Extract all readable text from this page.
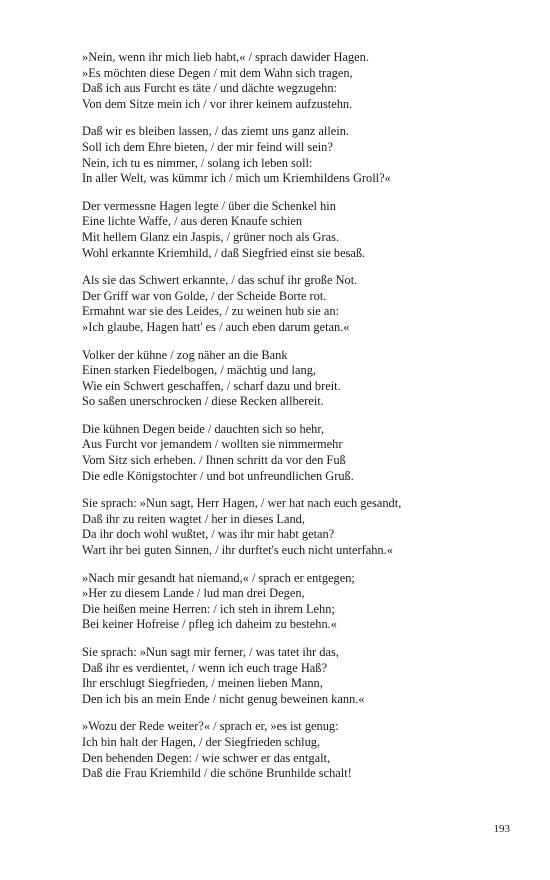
»Nein, wenn ihr mich lieb habt,« / sprach dawider Hagen.

»Es möchten diese Degen / mit dem Wahn sich tragen,

Daß ich aus Furcht es täte / und dächte wegzugehn:

Von dem Sitze mein ich / vor ihrer keinem aufzustehn.

Daß wir es bleiben lassen, / das ziemt uns ganz allein.

Soll ich dem Ehre bieten, / der mir feind will sein?

Nein, ich tu es nimmer, / solang ich leben soll:

In aller Welt, was kümmr ich / mich um Kriemhildens Groll?«

Der vermessne Hagen legte / über die Schenkel hin

Eine lichte Waffe, / aus deren Knaufe schien

Mit hellem Glanz ein Jaspis, / grüner noch als Gras.

Wohl erkannte Kriemhild, / daß Siegfried einst sie besaß.

Als sie das Schwert erkannte, / das schuf ihr große Not.

Der Griff war von Golde, / der Scheide Borte rot.

Ermahnt war sie des Leides, / zu weinen hub sie an:

»Ich glaube, Hagen hatt' es / auch eben darum getan.«

Volker der kühne / zog näher an die Bank

Einen starken Fiedelbogen, / mächtig und lang,

Wie ein Schwert geschaffen, / scharf dazu und breit.

So saßen unerschrocken / diese Recken allbereit.

Die kühnen Degen beide / dauchten sich so hehr,

Aus Furcht vor jemandem / wollten sie nimmermehr

Vom Sitz sich erheben. / Ihnen schritt da vor den Fuß

Die edle Königstochter / und bot unfreundlichen Gruß.

Sie sprach: »Nun sagt, Herr Hagen, / wer hat nach euch gesandt,

Daß ihr zu reiten wagtet / her in dieses Land,

Da ihr doch wohl wußtet, / was ihr mir habt getan?

Wart ihr bei guten Sinnen, / ihr durftet's euch nicht unterfahn.«

»Nach mir gesandt hat niemand,« / sprach er entgegen;

»Her zu diesem Lande / lud man drei Degen,

Die heißen meine Herren: / ich steh in ihrem Lehn;

Bei keiner Hofreise / pfleg ich daheim zu bestehn.«

Sie sprach: »Nun sagt mir ferner, / was tatet ihr das,

Daß ihr es verdientet, / wenn ich euch trage Haß?

Ihr erschlugt Siegfrieden, / meinen lieben Mann,

Den ich bis an mein Ende / nicht genug beweinen kann.«

»Wozu der Rede weiter?« / sprach er, »es ist genug:

Ich bin halt der Hagen, / der Siegfrieden schlug,

Den behenden Degen: / wie schwer er das entgalt,

Daß die Frau Kriemhild / die schöne Brunhilde schalt!

193
